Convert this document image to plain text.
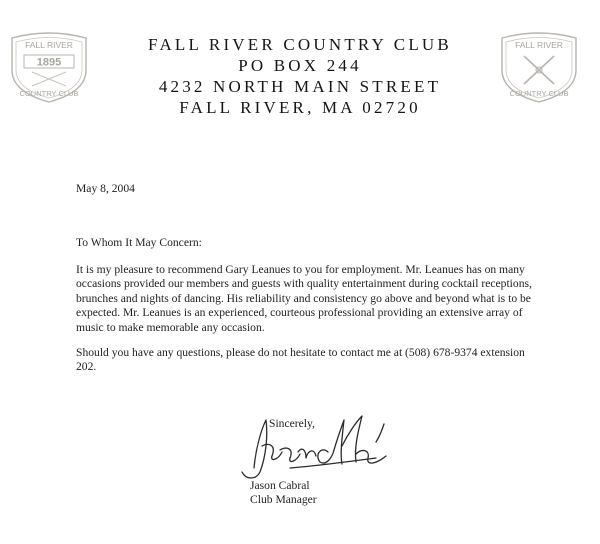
FALL RIVER
1895
COUNTRY CLUB
FALL RIVER
COUNTRY CLUB
FALL RIVER COUNTRY CLUB
PO BOX 244
4232 NORTH MAIN STREET
FALL RIVER, MA 02720
May 8, 2004
To Whom It May Concern:
It is my pleasure to recommend Gary Leanues to you for employment. Mr. Leanues has on many occasions provided our members and guests with quality entertainment during cocktail receptions, brunches and nights of dancing. His reliability and consistency go above and beyond what is to be expected. Mr. Leanues is an experienced, courteous professional providing an extensive array of music to make memorable any occasion.
Should you have any questions, please do not hesitate to contact me at (508) 678-9374 extension 202.
Sincerely,
Jason Cabral
Club Manager
